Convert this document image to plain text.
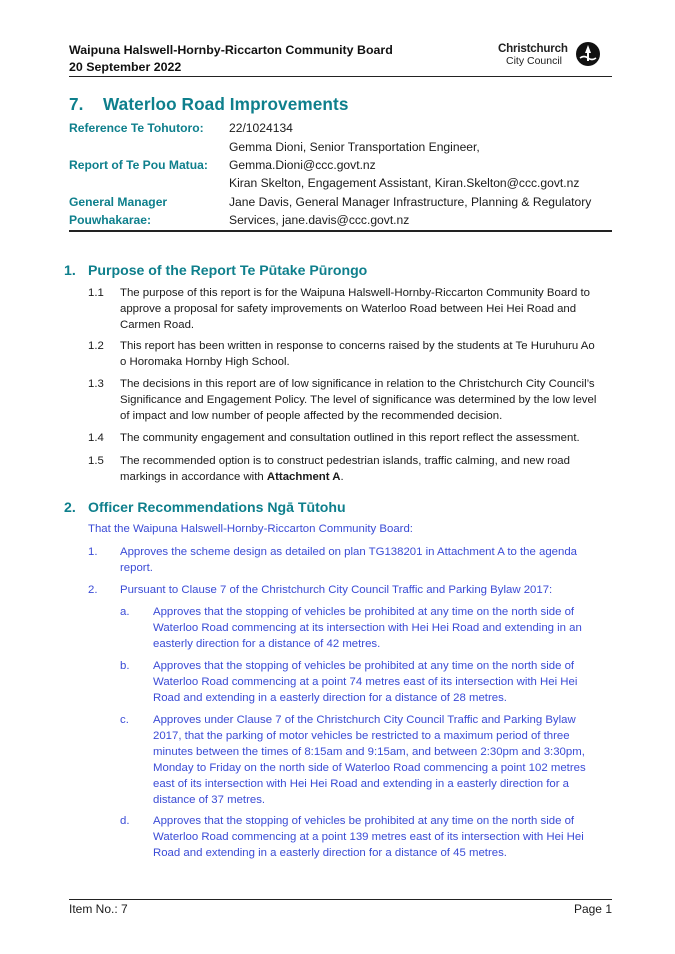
Waipuna Halswell-Hornby-Riccarton Community Board
20 September 2022
Christchurch
City Council
7. Waterloo Road Improvements
Reference Te Tohutoro:	22/1024134
Report of Te Pou Matua:
Gemma Dioni, Senior Transportation Engineer,
Gemma.Dioni@ccc.govt.nz
Kiran Skelton, Engagement Assistant, Kiran.Skelton@ccc.govt.nz
General Manager
Pouwhakarae:
Jane Davis, General Manager Infrastructure, Planning & Regulatory
Services, jane.davis@ccc.govt.nz
1. Purpose of the Report Te Pūtake Pūrongo
1.1 The purpose of this report is for the Waipuna Halswell-Hornby-Riccarton Community Board to
approve a proposal for safety improvements on Waterloo Road between Hei Hei Road and
Carmen Road.
1.2 This report has been written in response to concerns raised by the students at Te Huruhuru Ao
o Horomaka Hornby High School.
1.3 The decisions in this report are of low significance in relation to the Christchurch City Council’s
Significance and Engagement Policy. The level of significance was determined by the low level
of impact and low number of people affected by the recommended decision.
1.4 The community engagement and consultation outlined in this report reflect the assessment.
1.5 The recommended option is to construct pedestrian islands, traffic calming, and new road
markings in accordance with Attachment A.
2. Officer Recommendations Ngā Tūtohu
That the Waipuna Halswell-Hornby-Riccarton Community Board:
1. Approves the scheme design as detailed on plan TG138201 in Attachment A to the agenda
report.
2. Pursuant to Clause 7 of the Christchurch City Council Traffic and Parking Bylaw 2017:
a. Approves that the stopping of vehicles be prohibited at any time on the north side of
Waterloo Road commencing at its intersection with Hei Hei Road and extending in an
easterly direction for a distance of 42 metres.
b. Approves that the stopping of vehicles be prohibited at any time on the north side of
Waterloo Road commencing at a point 74 metres east of its intersection with Hei Hei
Road and extending in a easterly direction for a distance of 28 metres.
c. Approves under Clause 7 of the Christchurch City Council Traffic and Parking Bylaw
2017, that the parking of motor vehicles be restricted to a maximum period of three
minutes between the times of 8:15am and 9:15am, and between 2:30pm and 3:30pm,
Monday to Friday on the north side of Waterloo Road commencing a point 102 metres
east of its intersection with Hei Hei Road and extending in a easterly direction for a
distance of 37 metres.
d. Approves that the stopping of vehicles be prohibited at any time on the north side of
Waterloo Road commencing at a point 139 metres east of its intersection with Hei Hei
Road and extending in a easterly direction for a distance of 45 metres.
Item No.: 7	Page 1
